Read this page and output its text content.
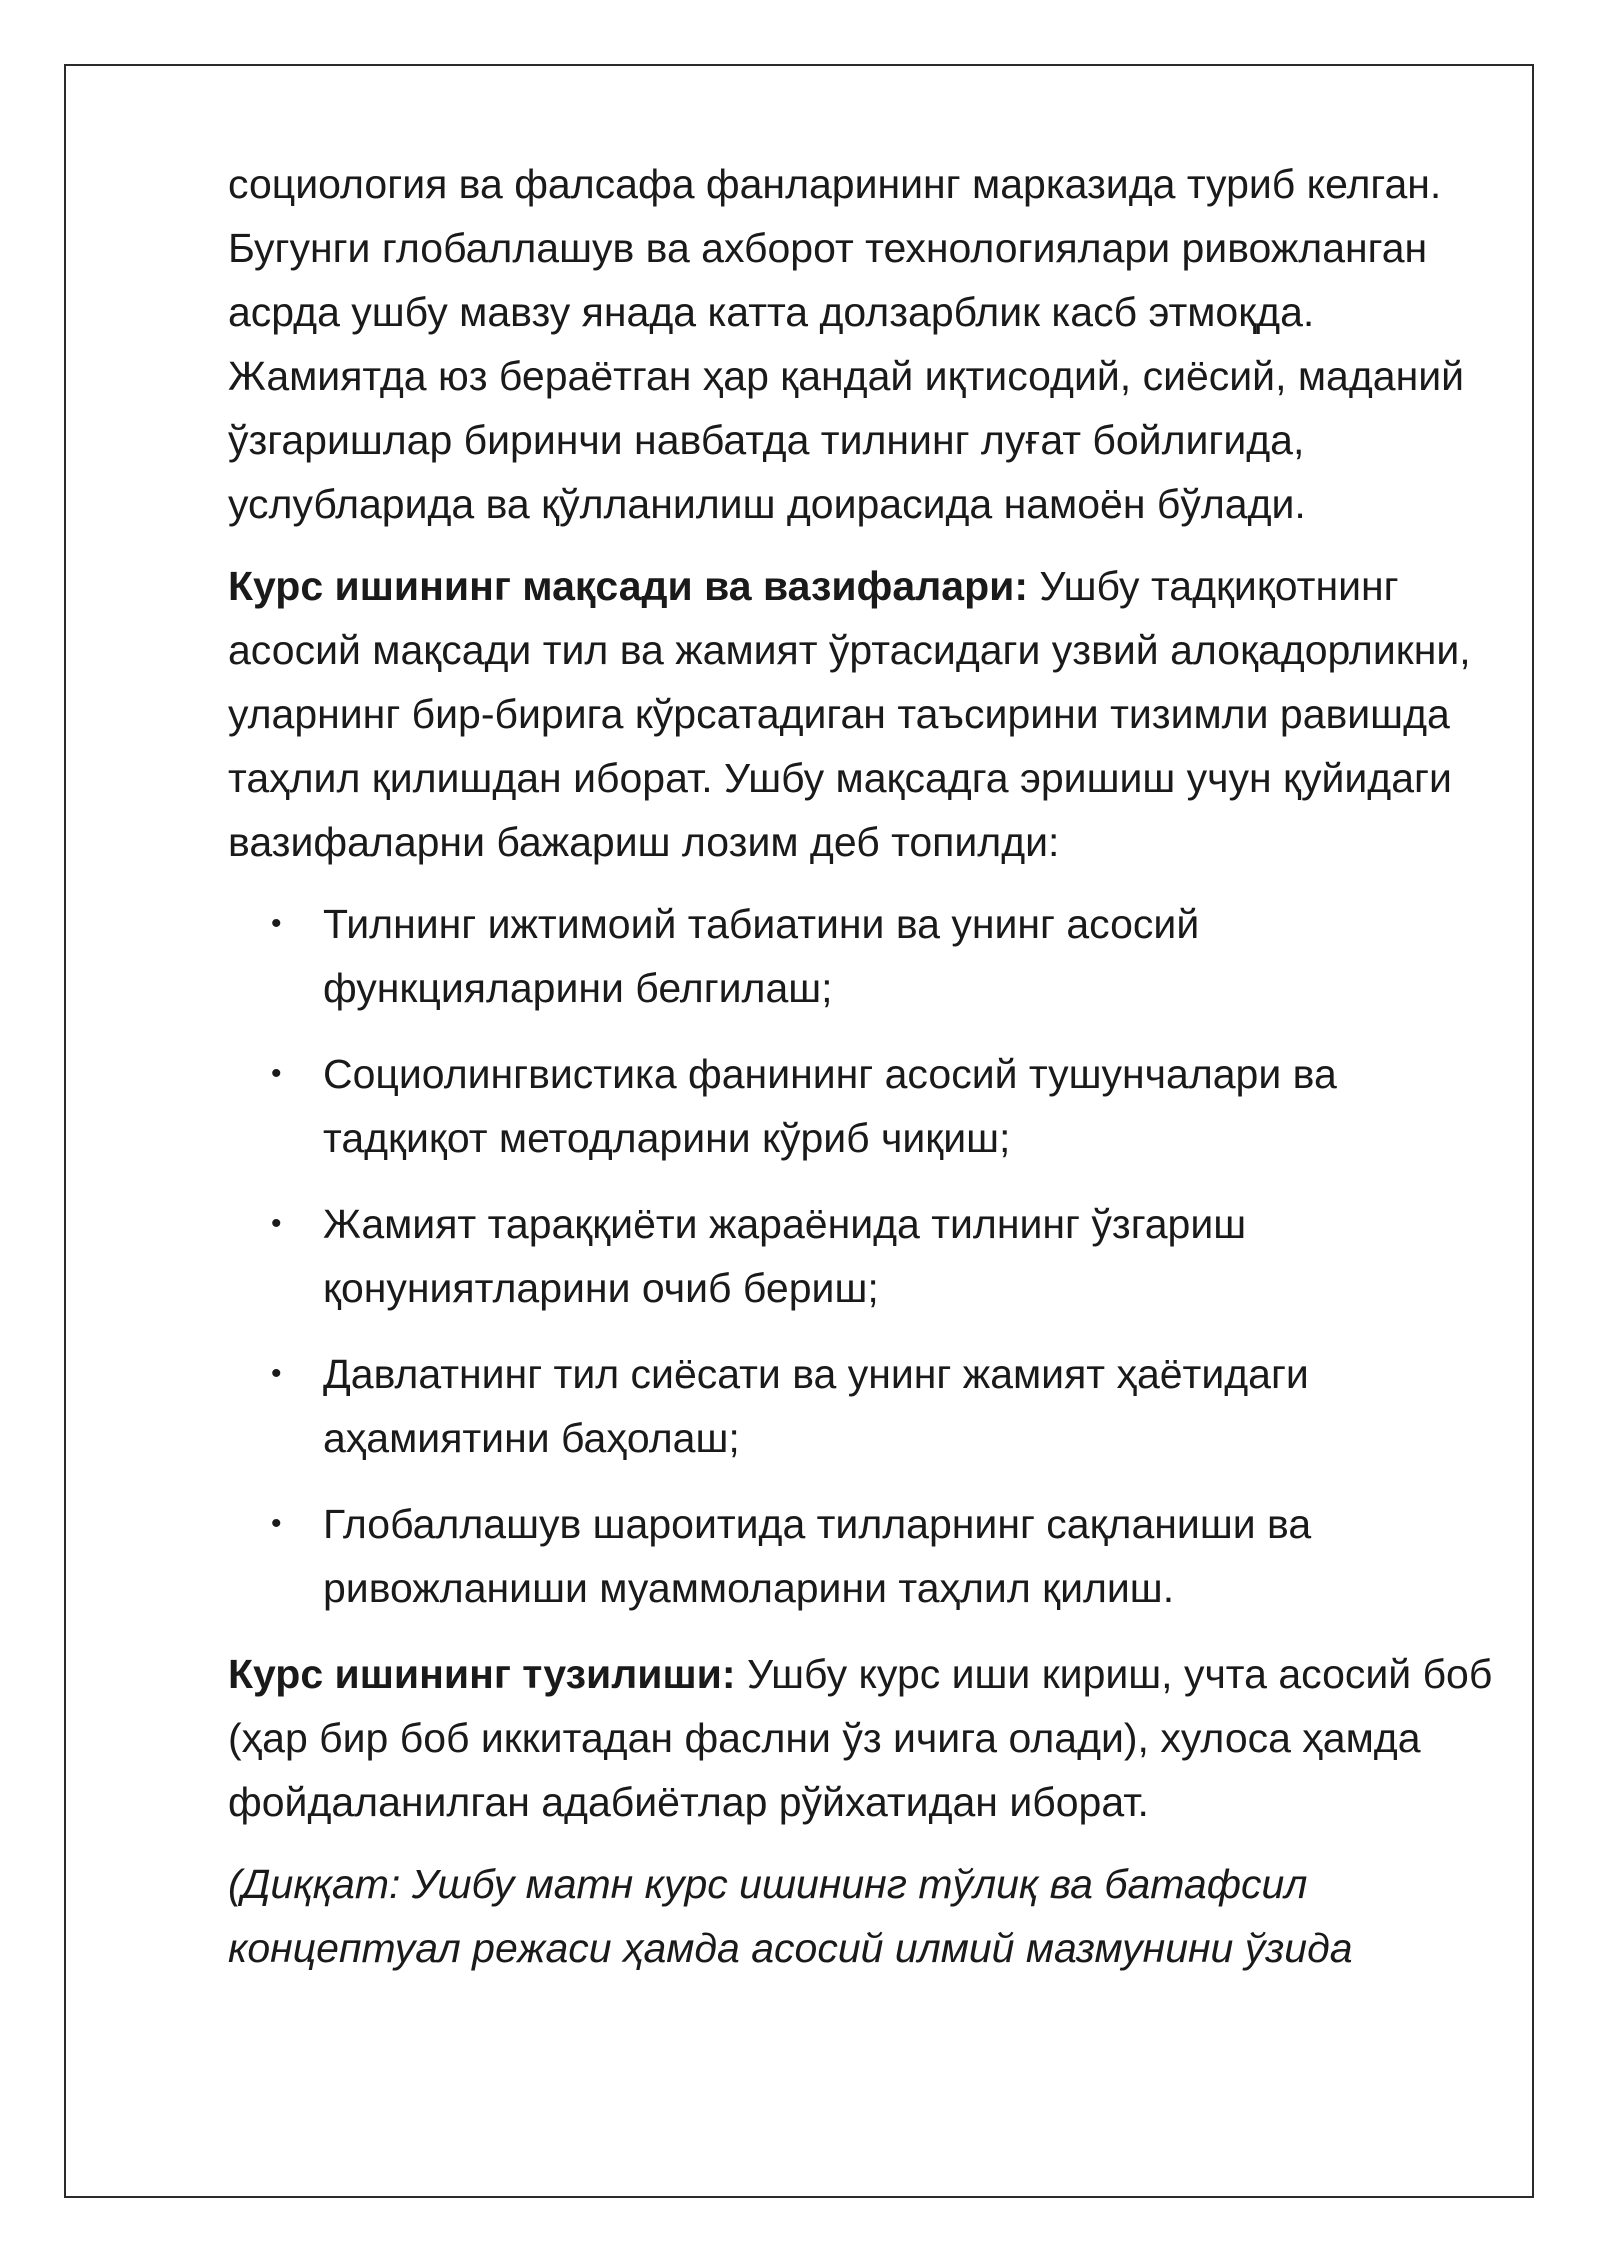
социология ва фалсафа фанларининг марказида туриб келган. Бугунги глобаллашув ва ахборот технологиялари ривожланган асрда ушбу мавзу янада катта долзарблик касб этмоқда. Жамиятда юз бераётган ҳар қандай иқтисодий, сиёсий, маданий ўзгаришлар биринчи навбатда тилнинг луғат бойлигида, услубларида ва қўлланилиш доирасида намоён бўлади.

Курс ишининг мақсади ва вазифалари: Ушбу тадқиқотнинг асосий мақсади тил ва жамият ўртасидаги узвий алоқадорликни, уларнинг бир-бирига кўрсатадиган таъсирини тизимли равишда таҳлил қилишдан иборат. Ушбу мақсадга эришиш учун қуйидаги вазифаларни бажариш лозим деб топилди:

• Тилнинг ижтимоий табиатини ва унинг асосий функцияларини белгилаш;
• Социолингвистика фанининг асосий тушунчалари ва тадқиқот методларини кўриб чиқиш;
• Жамият тараққиёти жараёнида тилнинг ўзгариш қонуниятларини очиб бериш;
• Давлатнинг тил сиёсати ва унинг жамият ҳаётидаги аҳамиятини баҳолаш;
• Глобаллашув шароитида тилларнинг сақланиши ва ривожланиши муаммоларини таҳлил қилиш.

Курс ишининг тузилиши: Ушбу курс иши кириш, учта асосий боб (ҳар бир боб иккитадан фаслни ўз ичига олади), хулоса ҳамда фойдаланилган адабиётлар рўйхатидан иборат.

(Диққат: Ушбу матн курс ишининг тўлиқ ва батафсил концептуал режаси ҳамда асосий илмий мазмунини ўзида
